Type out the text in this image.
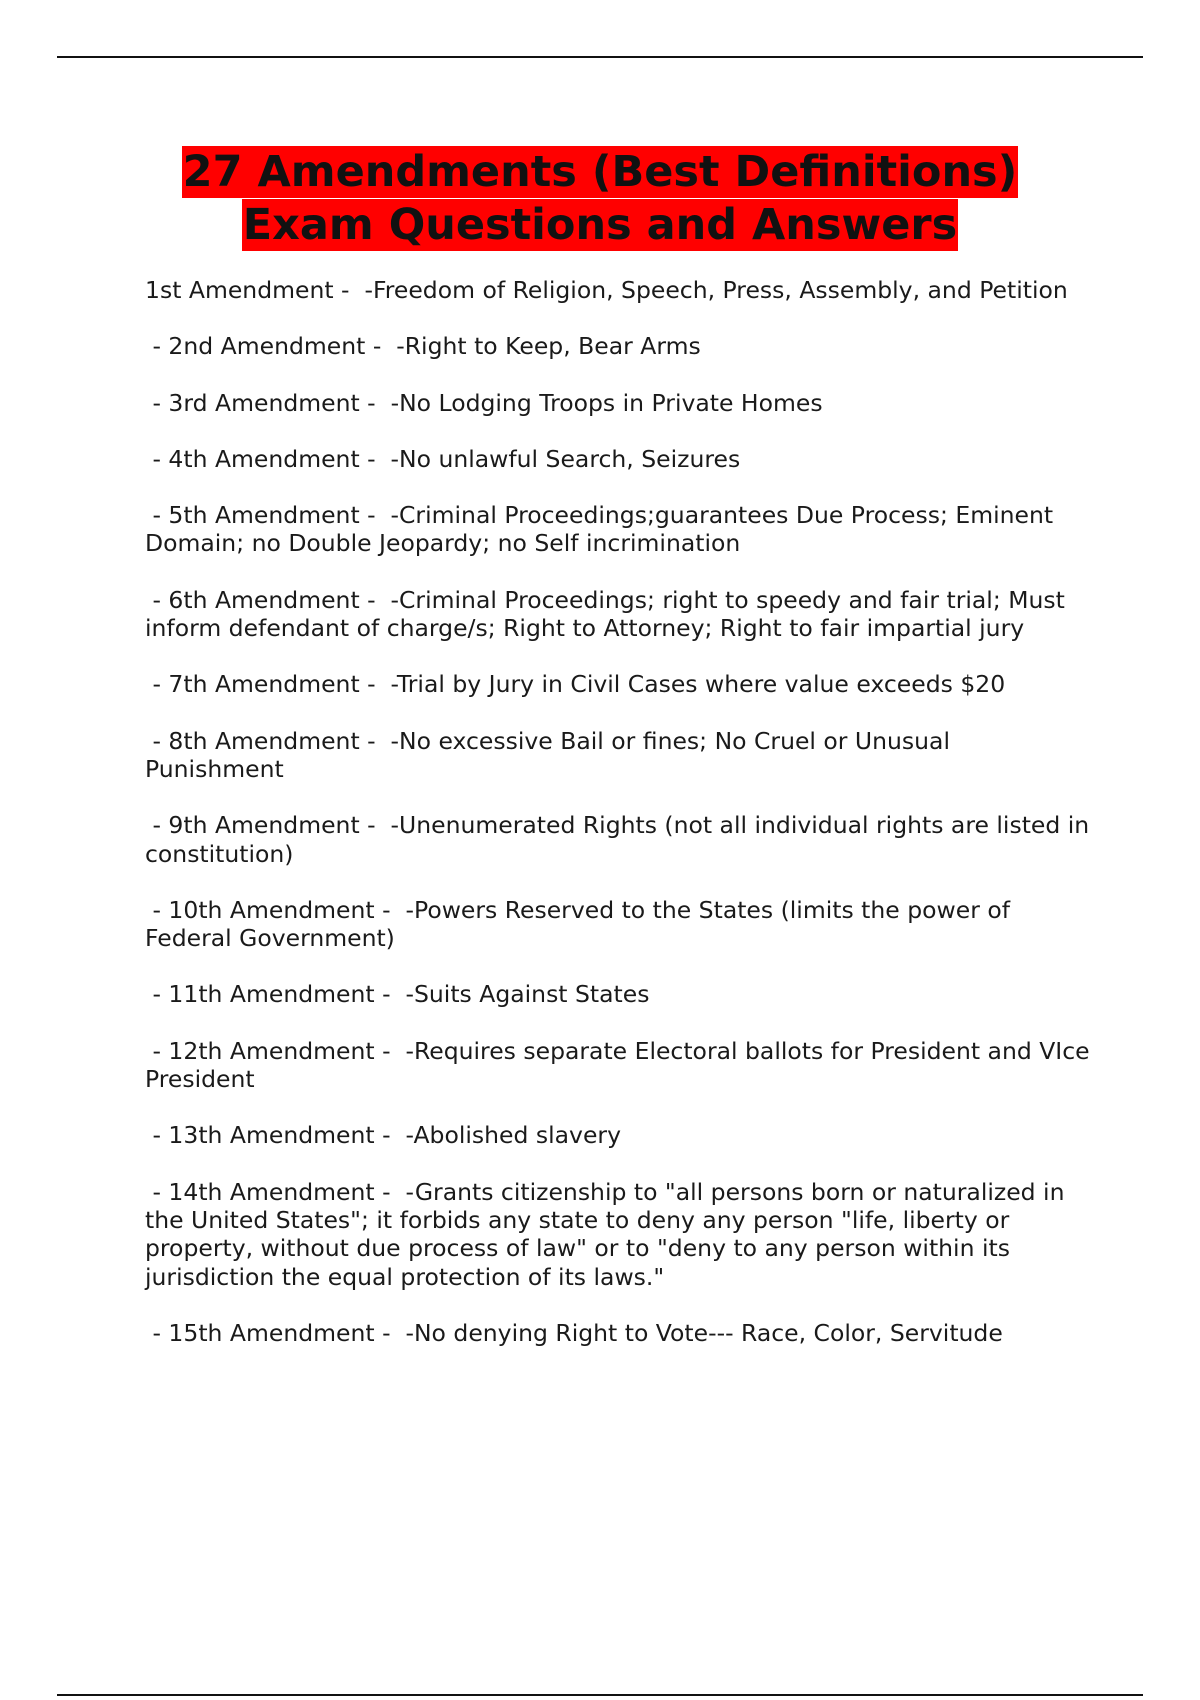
27 Amendments (Best Definitions)
Exam Questions and Answers
1st Amendment -  -Freedom of Religion, Speech, Press, Assembly, and Petition
- 2nd Amendment -  -Right to Keep, Bear Arms
- 3rd Amendment -  -No Lodging Troops in Private Homes
- 4th Amendment -  -No unlawful Search, Seizures
- 5th Amendment -  -Criminal Proceedings;guarantees Due Process; Eminent Domain; no Double Jeopardy; no Self incrimination
- 6th Amendment -  -Criminal Proceedings; right to speedy and fair trial; Must inform defendant of charge/s; Right to Attorney; Right to fair impartial jury
- 7th Amendment -  -Trial by Jury in Civil Cases where value exceeds $20
- 8th Amendment -  -No excessive Bail or fines; No Cruel or Unusual Punishment
- 9th Amendment -  -Unenumerated Rights (not all individual rights are listed in constitution)
- 10th Amendment -  -Powers Reserved to the States (limits the power of Federal Government)
- 11th Amendment -  -Suits Against States
- 12th Amendment -  -Requires separate Electoral ballots for President and VIce President
- 13th Amendment -  -Abolished slavery
- 14th Amendment -  -Grants citizenship to "all persons born or naturalized in the United States"; it forbids any state to deny any person "life, liberty or property, without due process of law" or to "deny to any person within its jurisdiction the equal protection of its laws."
- 15th Amendment -  -No denying Right to Vote--- Race, Color, Servitude
